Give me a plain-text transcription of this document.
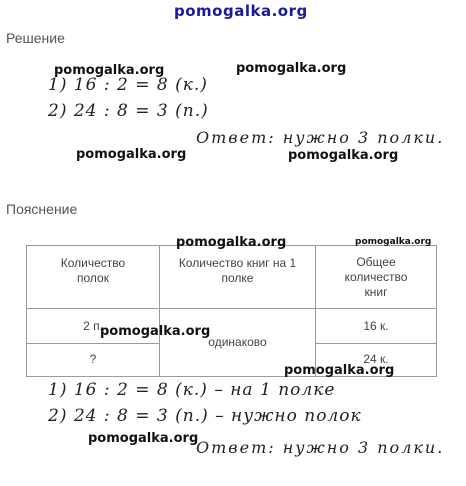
pomogalka.org
Решение
1) 16 : 2 = 8 (к.)
2) 24 : 8 = 3 (п.)
Ответ: нужно 3 полки.
pomogalka.org	pomogalka.org
pomogalka.org	pomogalka.org
Пояснение
Количество полок	Количество книг на 1 полке	Общее количество книг

2 п.	одинаково	16 к.

?		24 к.
pomogalka.org	pomogalka.org
pomogalka.org
pomogalka.org
1) 16 : 2 = 8 (к.) – на 1 полке
2) 24 : 8 = 3 (п.) – нужно полок
pomogalka.org
Ответ: нужно 3 полки.
